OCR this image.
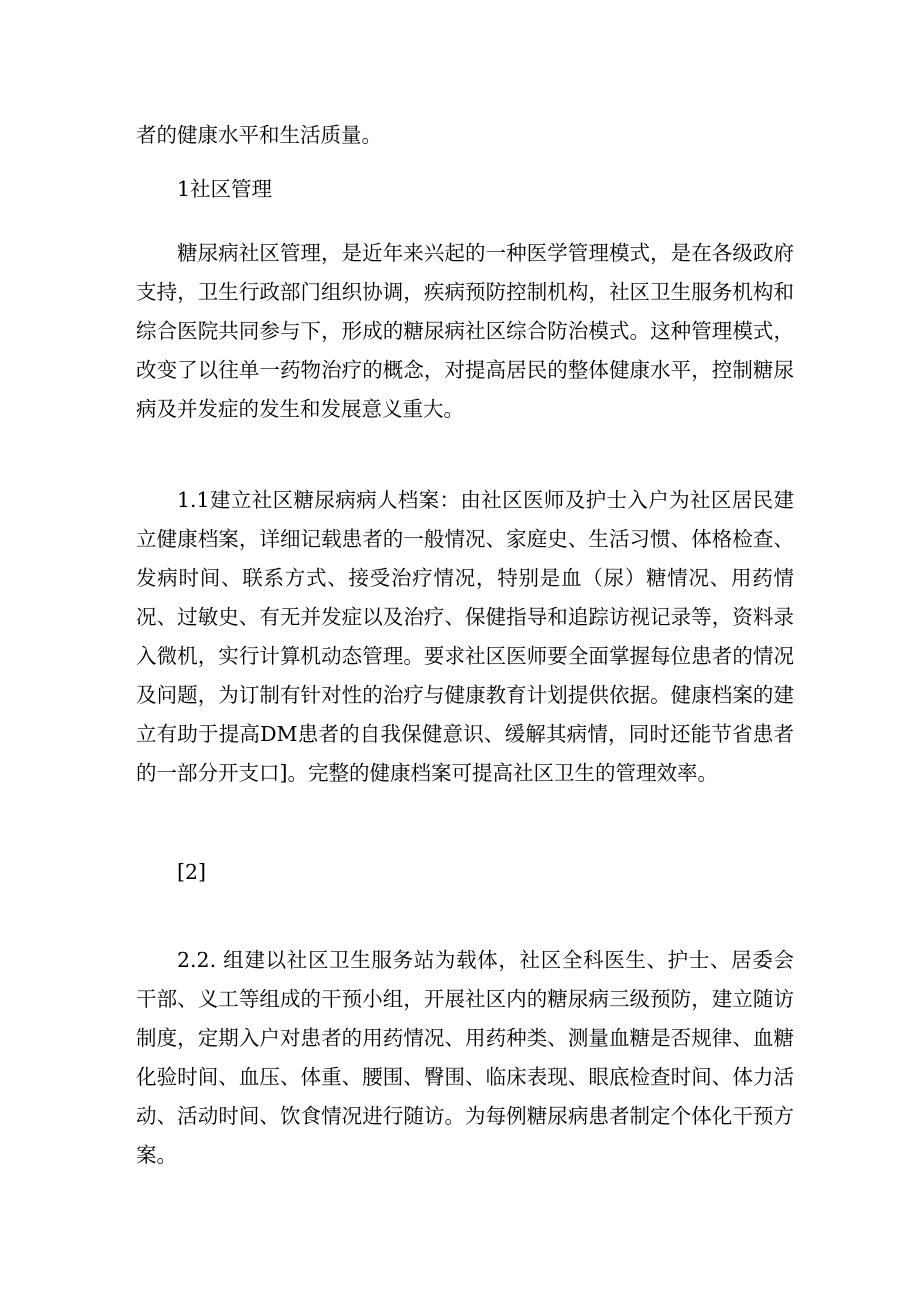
者的健康水平和生活质量。

1社区管理

糖尿病社区管理，是近年来兴起的一种医学管理模式，是在各级政府支持，卫生行政部门组织协调，疾病预防控制机构，社区卫生服务机构和综合医院共同参与下，形成的糖尿病社区综合防治模式。这种管理模式，改变了以往单一药物治疗的概念，对提高居民的整体健康水平，控制糖尿病及并发症的发生和发展意义重大。

1.1建立社区糖尿病病人档案：由社区医师及护士入户为社区居民建立健康档案，详细记载患者的一般情况、家庭史、生活习惯、体格检查、发病时间、联系方式、接受治疗情况，特别是血（尿）糖情况、用药情况、过敏史、有无并发症以及治疗、保健指导和追踪访视记录等，资料录入微机，实行计算机动态管理。要求社区医师要全面掌握每位患者的情况及问题，为订制有针对性的治疗与健康教育计划提供依据。健康档案的建立有助于提高DM患者的自我保健意识、缓解其病情，同时还能节省患者的一部分开支口]。完整的健康档案可提高社区卫生的管理效率。

[2]

2.2. 组建以社区卫生服务站为载体，社区全科医生、护士、居委会干部、义工等组成的干预小组，开展社区内的糖尿病三级预防，建立随访制度，定期入户对患者的用药情况、用药种类、测量血糖是否规律、血糖化验时间、血压、体重、腰围、臀围、临床表现、眼底检查时间、体力活动、活动时间、饮食情况进行随访。为每例糖尿病患者制定个体化干预方案。
